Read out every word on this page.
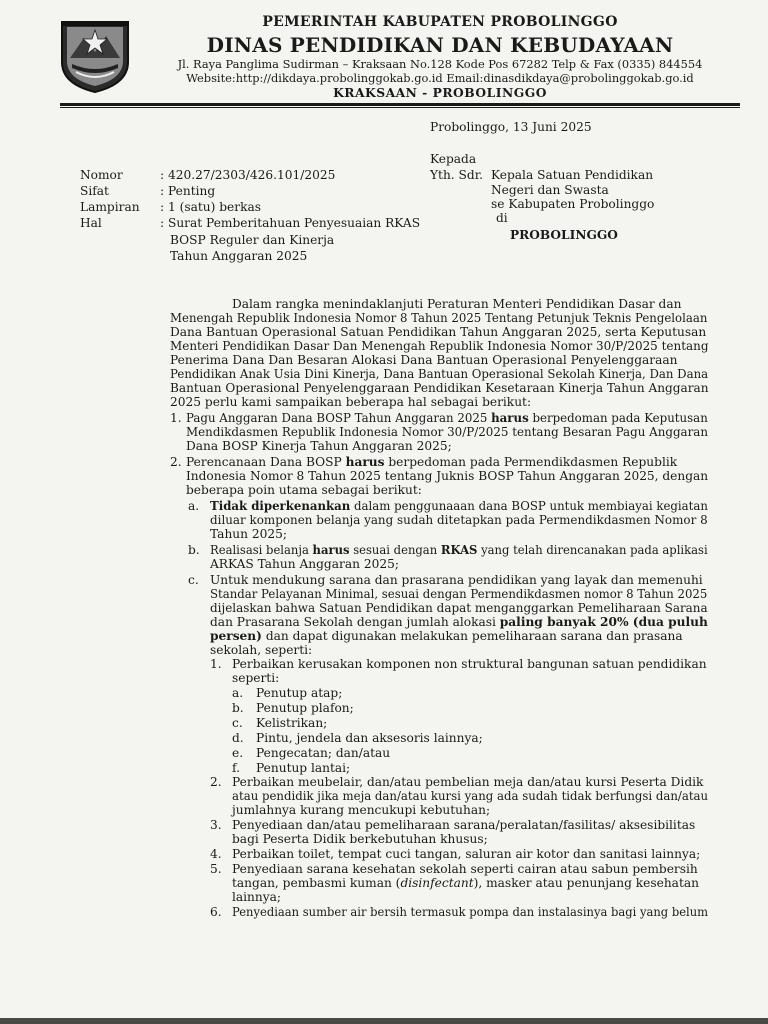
PEMERINTAH KABUPATEN PROBOLINGGO
DINAS PENDIDIKAN DAN KEBUDAYAAN
Jl. Raya Panglima Sudirman – Kraksaan No.128 Kode Pos 67282 Telp & Fax (0335) 844554
Website:http://dikdaya.probolinggokab.go.id Email:dinasdikdaya@probolinggokab.go.id
KRAKSAAN - PROBOLINGGO
Probolinggo, 13 Juni 2025
Kepada
Yth. Sdr. Kepala Satuan Pendidikan
Negeri dan Swasta
se Kabupaten Probolinggo
di
PROBOLINGGO
Nomor	: 420.27/2303/426.101/2025
Sifat	: Penting
Lampiran : 1 (satu) berkas
Hal	: Surat Pemberitahuan Penyesuaian RKAS
BOSP Reguler dan Kinerja
Tahun Anggaran 2025
Dalam rangka menindaklanjuti Peraturan Menteri Pendidikan Dasar dan
Menengah Republik Indonesia Nomor 8 Tahun 2025 Tentang Petunjuk Teknis Pengelolaan
Dana Bantuan Operasional Satuan Pendidikan Tahun Anggaran 2025, serta Keputusan
Menteri Pendidikan Dasar Dan Menengah Republik Indonesia Nomor 30/P/2025 tentang
Penerima Dana Dan Besaran Alokasi Dana Bantuan Operasional Penyelenggaraan
Pendidikan Anak Usia Dini Kinerja, Dana Bantuan Operasional Sekolah Kinerja, Dan Dana
Bantuan Operasional Penyelenggaraan Pendidikan Kesetaraan Kinerja Tahun Anggaran
2025 perlu kami sampaikan beberapa hal sebagai berikut:
1. Pagu Anggaran Dana BOSP Tahun Anggaran 2025 harus berpedoman pada Keputusan
Mendikdasmen Republik Indonesia Nomor 30/P/2025 tentang Besaran Pagu Anggaran
Dana BOSP Kinerja Tahun Anggaran 2025;
2. Perencanaan Dana BOSP harus berpedoman pada Permendikdasmen Republik
Indonesia Nomor 8 Tahun 2025 tentang Juknis BOSP Tahun Anggaran 2025, dengan
beberapa poin utama sebagai berikut:
a. Tidak diperkenankan dalam penggunaaan dana BOSP untuk membiayai kegiatan
diluar komponen belanja yang sudah ditetapkan pada Permendikdasmen Nomor 8
Tahun 2025;
b. Realisasi belanja harus sesuai dengan RKAS yang telah direncanakan pada aplikasi
ARKAS Tahun Anggaran 2025;
c. Untuk mendukung sarana dan prasarana pendidikan yang layak dan memenuhi
Standar Pelayanan Minimal, sesuai dengan Permendikdasmen nomor 8 Tahun 2025
dijelaskan bahwa Satuan Pendidikan dapat menganggarkan Pemeliharaan Sarana
dan Prasarana Sekolah dengan jumlah alokasi paling banyak 20% (dua puluh
persen) dan dapat digunakan melakukan pemeliharaan sarana dan prasana
sekolah, seperti:
1. Perbaikan kerusakan komponen non struktural bangunan satuan pendidikan
seperti:
a. Penutup atap;
b. Penutup plafon;
c. Kelistrikan;
d. Pintu, jendela dan aksesoris lainnya;
e. Pengecatan; dan/atau
f. Penutup lantai;
2. Perbaikan meubelair, dan/atau pembelian meja dan/atau kursi Peserta Didik
atau pendidik jika meja dan/atau kursi yang ada sudah tidak berfungsi dan/atau
jumlahnya kurang mencukupi kebutuhan;
3. Penyediaan dan/atau pemeliharaan sarana/peralatan/fasilitas/ aksesibilitas
bagi Peserta Didik berkebutuhan khusus;
4. Perbaikan toilet, tempat cuci tangan, saluran air kotor dan sanitasi lainnya;
5. Penyediaan sarana kesehatan sekolah seperti cairan atau sabun pembersih
tangan, pembasmi kuman (disinfectant), masker atau penunjang kesehatan
lainnya;
6. Penyediaan sumber air bersih termasuk pompa dan instalasinya bagi yang belum
